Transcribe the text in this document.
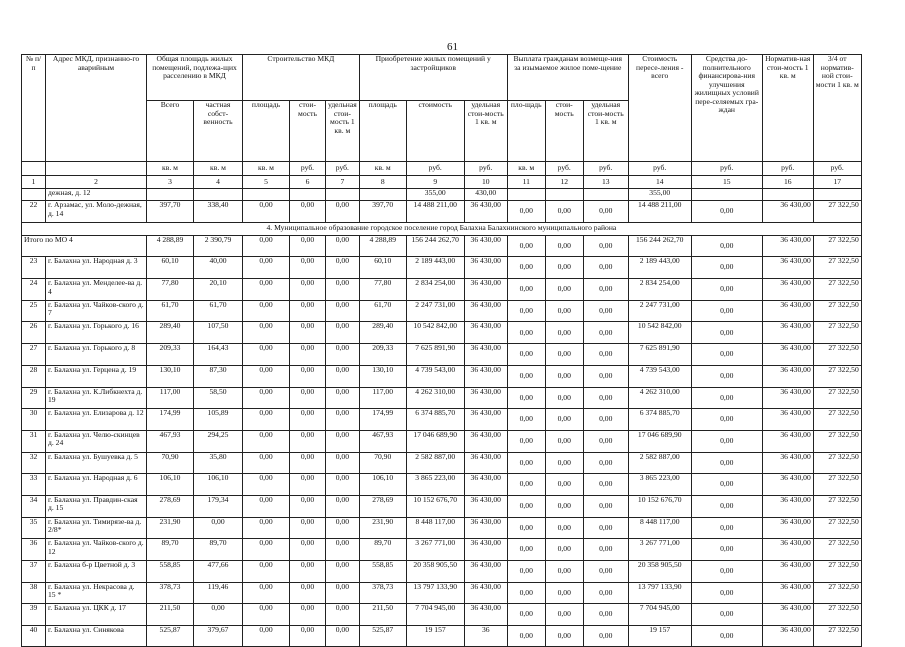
61
№ п/п	Адрес МКД, признанно-го аварийным	Общая площадь жилых помещений, подлежа-щих расселению в МКД		Строительство МКД			Приобретение жилых помещений у застройщиков			Выплата гражданам возмеще-ния за изымаемое жилое поме-щение			Стоимость пересе-ления - всего	Средства до-полнительного финансирова-ния улучшения жилищных условий пере-селяемых гра-ждан	Норматив-ная стои-мость 1 кв. м	3/4 от норматив-ной стои-мости 1 кв. м
		Всего	частная собст-венность	площадь	стои-мость	удельная стои-мость 1 кв. м	площадь	стоимость	удельная стои-мость 1 кв. м	пло-щадь	стои-мость	удельная стои-мость 1 кв. м				
		кв. м	кв. м	кв. м	руб.	руб.	кв. м	руб.	руб.	кв. м	руб.	руб.	руб.	руб.	руб.	руб.
1	2	3	4	5	6	7	8	9	10	11	12	13	14	15	16	17
	дежная, д. 12							355,00	430,00				355,00			
22	г. Арзамас, ул. Моло-дежная, д. 14	397,70	338,40	0,00	0,00	0,00	397,70	14 488 211,00	36 430,00	0,00	0,00	0,00	14 488 211,00	0,00	36 430,00	27 322,50
4. Муниципальное образование городское поселение город Балахна Балахнинского муниципального района																
Итого по МО 4		4 288,89	2 390,79	0,00	0,00	0,00	4 288,89	156 244 262,70	36 430,00	0,00	0,00	0,00	156 244 262,70	0,00	36 430,00	27 322,50
23	г. Балахна ул. Народная д. 3	60,10	40,00	0,00	0,00	0,00	60,10	2 189 443,00	36 430,00	0,00	0,00	0,00	2 189 443,00	0,00	36 430,00	27 322,50
24	г. Балахна ул. Менделее-ва д. 4	77,80	20,10	0,00	0,00	0,00	77,80	2 834 254,00	36 430,00	0,00	0,00	0,00	2 834 254,00	0,00	36 430,00	27 322,50
25	г. Балахна ул. Чайков-ского д. 7	61,70	61,70	0,00	0,00	0,00	61,70	2 247 731,00	36 430,00	0,00	0,00	0,00	2 247 731,00	0,00	36 430,00	27 322,50
26	г. Балахна ул. Горького д. 16	289,40	107,50	0,00	0,00	0,00	289,40	10 542 842,00	36 430,00	0,00	0,00	0,00	10 542 842,00	0,00	36 430,00	27 322,50
27	г. Балахна ул. Горького д. 8	209,33	164,43	0,00	0,00	0,00	209,33	7 625 891,90	36 430,00	0,00	0,00	0,00	7 625 891,90	0,00	36 430,00	27 322,50
28	г. Балахна ул. Герцена д. 19	130,10	87,30	0,00	0,00	0,00	130,10	4 739 543,00	36 430,00	0,00	0,00	0,00	4 739 543,00	0,00	36 430,00	27 322,50
29	г. Балахна ул. К.Либкнехта д. 19	117,00	58,50	0,00	0,00	0,00	117,00	4 262 310,00	36 430,00	0,00	0,00	0,00	4 262 310,00	0,00	36 430,00	27 322,50
30	г. Балахна ул. Елизарова д. 12	174,99	105,89	0,00	0,00	0,00	174,99	6 374 885,70	36 430,00	0,00	0,00	0,00	6 374 885,70	0,00	36 430,00	27 322,50
31	г. Балахна ул. Челю-скинцев д. 24	467,93	294,25	0,00	0,00	0,00	467,93	17 046 689,90	36 430,00	0,00	0,00	0,00	17 046 689,90	0,00	36 430,00	27 322,50
32	г. Балахна ул. Бушуевка д. 5	70,90	35,80	0,00	0,00	0,00	70,90	2 582 887,00	36 430,00	0,00	0,00	0,00	2 582 887,00	0,00	36 430,00	27 322,50
33	г. Балахна ул. Народная д. 6	106,10	106,10	0,00	0,00	0,00	106,10	3 865 223,00	36 430,00	0,00	0,00	0,00	3 865 223,00	0,00	36 430,00	27 322,50
34	г. Балахна ул. Правдин-ская д. 15	278,69	179,34	0,00	0,00	0,00	278,69	10 152 676,70	36 430,00	0,00	0,00	0,00	10 152 676,70	0,00	36 430,00	27 322,50
35	г. Балахна ул. Тимирязе-ва д. 2/8*	231,90	0,00	0,00	0,00	0,00	231,90	8 448 117,00	36 430,00	0,00	0,00	0,00	8 448 117,00	0,00	36 430,00	27 322,50
36	г. Балахна ул. Чайков-ского д. 12	89,70	89,70	0,00	0,00	0,00	89,70	3 267 771,00	36 430,00	0,00	0,00	0,00	3 267 771,00	0,00	36 430,00	27 322,50
37	г. Балахна б-р Цветной д. 3	558,85	477,66	0,00	0,00	0,00	558,85	20 358 905,50	36 430,00	0,00	0,00	0,00	20 358 905,50	0,00	36 430,00	27 322,50
38	г. Балахна ул. Некрасова д. 15 *	378,73	119,46	0,00	0,00	0,00	378,73	13 797 133,90	36 430,00	0,00	0,00	0,00	13 797 133,90	0,00	36 430,00	27 322,50
39	г. Балахна ул. ЦКК д. 17	211,50	0,00	0,00	0,00	0,00	211,50	7 704 945,00	36 430,00	0,00	0,00	0,00	7 704 945,00	0,00	36 430,00	27 322,50
40	г. Балахна ул. Синякова	525,87	379,67	0,00	0,00	0,00	525,87	19 157	36	0,00	0,00	0,00	19 157	0,00	36 430,00	27 322,50
